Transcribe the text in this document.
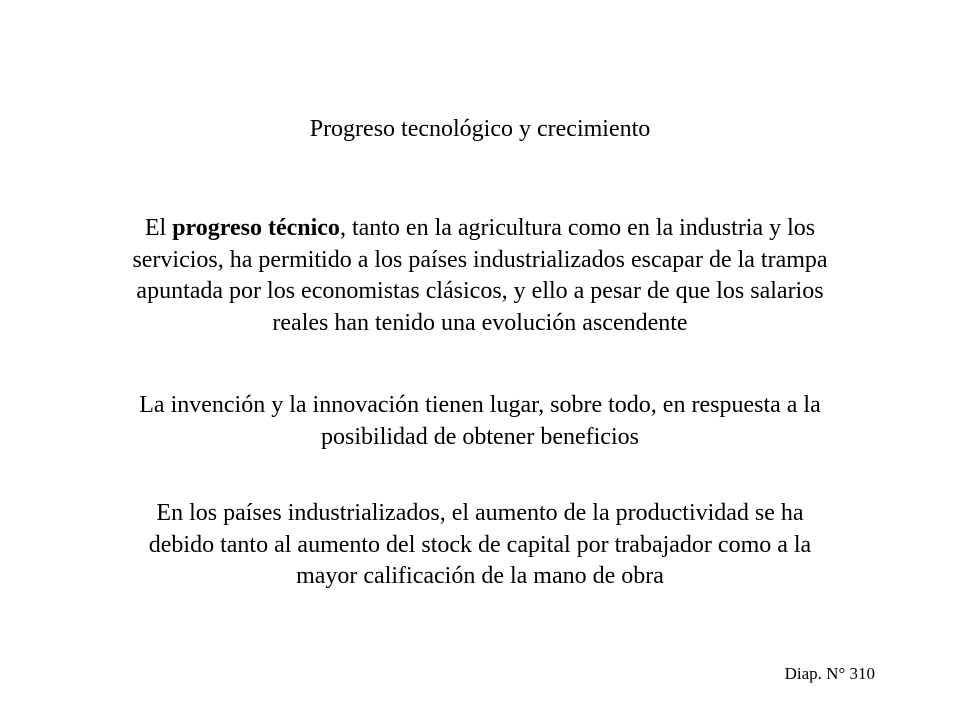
Progreso tecnológico y crecimiento

El progreso técnico, tanto en la agricultura como en la industria y los
servicios, ha permitido a los países industrializados escapar de la trampa
apuntada por los economistas clásicos, y ello a pesar de que los salarios
reales han tenido una evolución ascendente

La invención y la innovación tienen lugar, sobre todo, en respuesta a la
posibilidad de obtener beneficios

En los países industrializados, el aumento de la productividad se ha
debido tanto al aumento del stock de capital por trabajador como a la
mayor calificación de la mano de obra

Diap. N° 310
